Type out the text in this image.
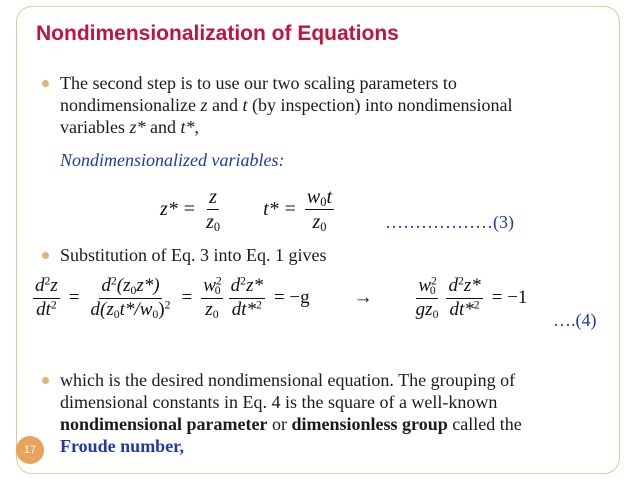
Nondimensionalization of Equations
The second step is to use our two scaling parameters to
nondimensionalize z and t (by inspection) into nondimensional
variables z* and t*,
Nondimensionalized variables:
$z* = \frac{z}{z_0} t* = \frac{w_0t}{z_0}$	………………(3)
Substitution of Eq. 3 into Eq. 1 gives
$\frac{d^2z}{dt^2} = \frac{d^2(z_0z*)}{d(z_0t*/w_0)^2} = \frac{w^2_0}{z_0} \frac{d^2z*}{dt*^2} = -g \to \frac{w^2_0}{gz_0} \frac{d^2z*}{dt*^2} = -1$
….(4)
which is the desired nondimensional equation. The grouping of
dimensional constants in Eq. 4 is the square of a well-known
nondimensional parameter or dimensionless group called the
Froude number,
17
